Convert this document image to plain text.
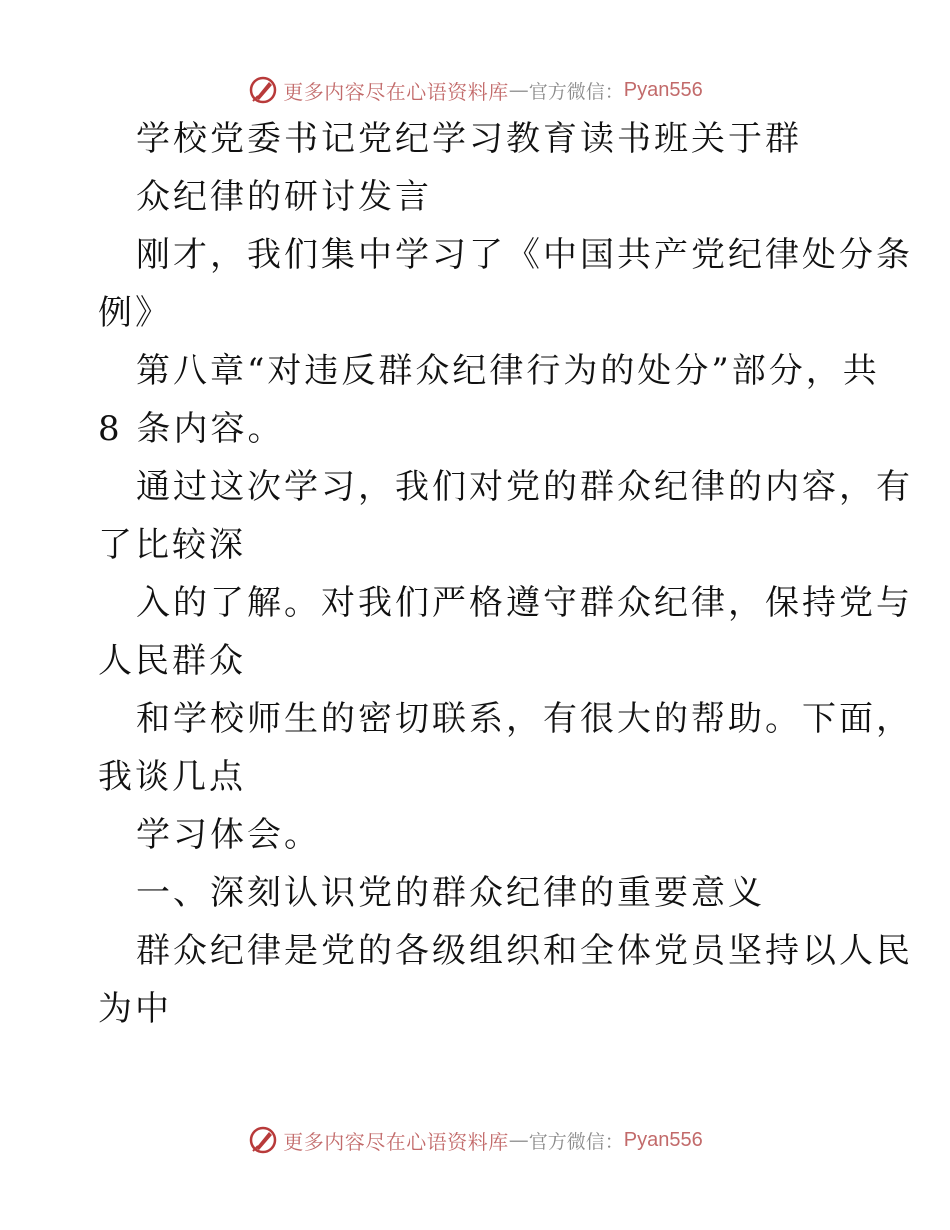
更多内容尽在心语资料库 — 官方微信： Pyan556
学校党委书记党纪学习教育读书班关于群
众纪律的研讨发言
刚才，我们集中学习了《中国共产党纪律处分条
例》
第八章“对违反群众纪律行为的处分”部分，共
8 条内容。
通过这次学习，我们对党的群众纪律的内容，有
了比较深
入的了解。对我们严格遵守群众纪律，保持党与
人民群众
和学校师生的密切联系，有很大的帮助。下面，
我谈几点
学习体会。
一、深刻认识党的群众纪律的重要意义
群众纪律是党的各级组织和全体党员坚持以人民
为中
更多内容尽在心语资料库 — 官方微信： Pyan556
